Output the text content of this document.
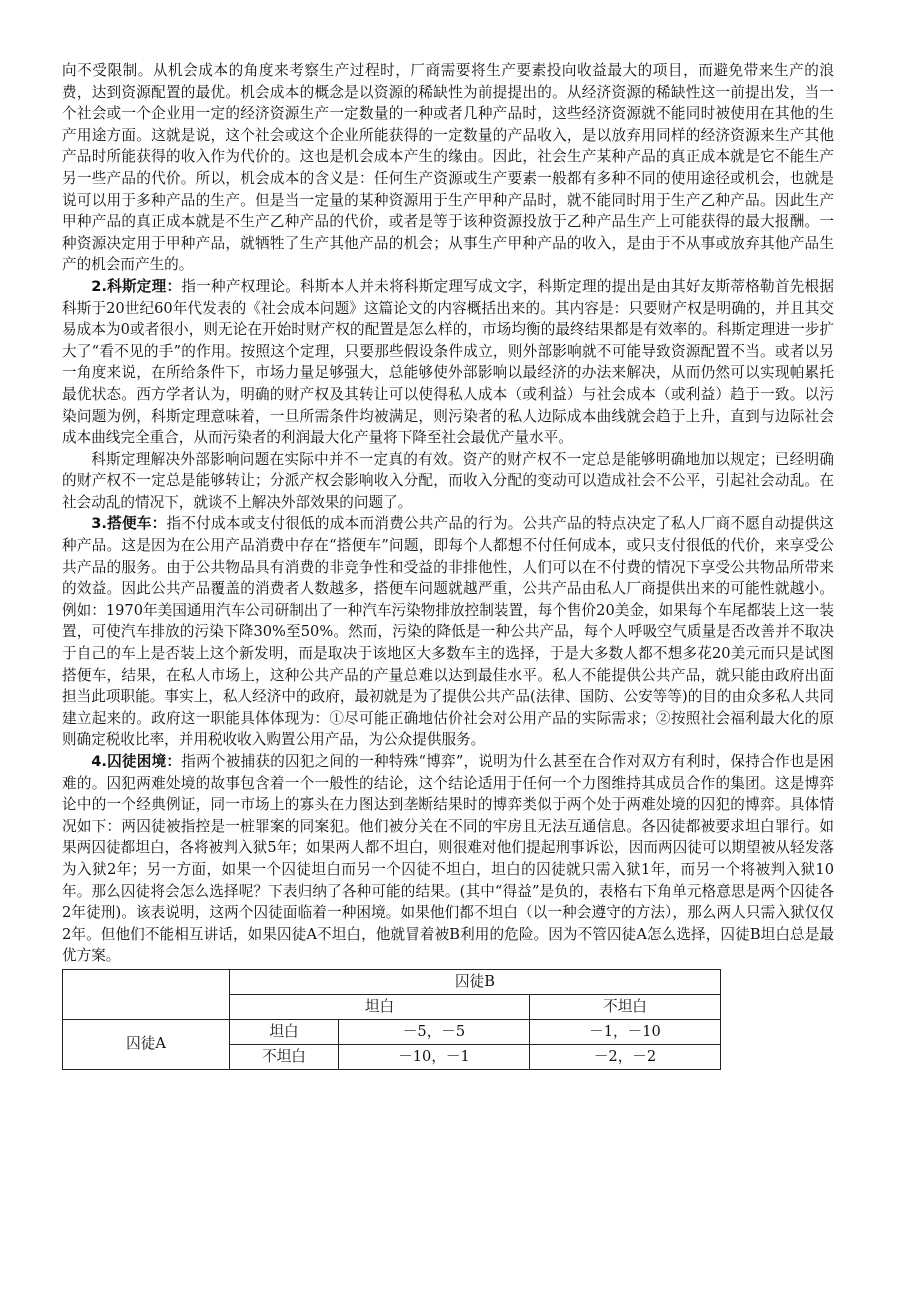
向不受限制。从机会成本的角度来考察生产过程时，厂商需要将生产要素投向收益最大的项目，而避免带来生产的浪费，达到资源配置的最优。机会成本的概念是以资源的稀缺性为前提提出的。从经济资源的稀缺性这一前提出发，当一个社会或一个企业用一定的经济资源生产一定数量的一种或者几种产品时，这些经济资源就不能同时被使用在其他的生产用途方面。这就是说，这个社会或这个企业所能获得的一定数量的产品收入，是以放弃用同样的经济资源来生产其他产品时所能获得的收入作为代价的。这也是机会成本产生的缘由。因此，社会生产某种产品的真正成本就是它不能生产另一些产品的代价。所以，机会成本的含义是：任何生产资源或生产要素一般都有多种不同的使用途径或机会，也就是说可以用于多种产品的生产。但是当一定量的某种资源用于生产甲种产品时，就不能同时用于生产乙种产品。因此生产甲种产品的真正成本就是不生产乙种产品的代价，或者是等于该种资源投放于乙种产品生产上可能获得的最大报酬。一种资源决定用于甲种产品，就牺牲了生产其他产品的机会；从事生产甲种产品的收入，是由于不从事或放弃其他产品生产的机会而产生的。

2.科斯定理：指一种产权理论。科斯本人并未将科斯定理写成文字，科斯定理的提出是由其好友斯蒂格勒首先根据科斯于20世纪60年代发表的《社会成本问题》这篇论文的内容概括出来的。其内容是：只要财产权是明确的，并且其交易成本为0或者很小，则无论在开始时财产权的配置是怎么样的，市场均衡的最终结果都是有效率的。科斯定理进一步扩大了“看不见的手”的作用。按照这个定理，只要那些假设条件成立，则外部影响就不可能导致资源配置不当。或者以另一角度来说，在所给条件下，市场力量足够强大，总能够使外部影响以最经济的办法来解决，从而仍然可以实现帕累托最优状态。西方学者认为，明确的财产权及其转让可以使得私人成本（或利益）与社会成本（或利益）趋于一致。以污染问题为例，科斯定理意味着，一旦所需条件均被满足，则污染者的私人边际成本曲线就会趋于上升，直到与边际社会成本曲线完全重合，从而污染者的利润最大化产量将下降至社会最优产量水平。

科斯定理解决外部影响问题在实际中并不一定真的有效。资产的财产权不一定总是能够明确地加以规定；已经明确的财产权不一定总是能够转让；分派产权会影响收入分配，而收入分配的变动可以造成社会不公平，引起社会动乱。在社会动乱的情况下，就谈不上解决外部效果的问题了。

3.搭便车：指不付成本或支付很低的成本而消费公共产品的行为。公共产品的特点决定了私人厂商不愿自动提供这种产品。这是因为在公用产品消费中存在“搭便车”问题，即每个人都想不付任何成本，或只支付很低的代价，来享受公共产品的服务。由于公共物品具有消费的非竞争性和受益的非排他性，人们可以在不付费的情况下享受公共物品所带来的效益。因此公共产品覆盖的消费者人数越多，搭便车问题就越严重，公共产品由私人厂商提供出来的可能性就越小。例如：1970年美国通用汽车公司研制出了一种汽车污染物排放控制装置，每个售价20美金，如果每个车尾都装上这一装置，可使汽车排放的污染下降30%至50%。然而，污染的降低是一种公共产品，每个人呼吸空气质量是否改善并不取决于自己的车上是否装上这个新发明，而是取决于该地区大多数车主的选择，于是大多数人都不想多花20美元而只是试图搭便车，结果，在私人市场上，这种公共产品的产量总难以达到最佳水平。私人不能提供公共产品，就只能由政府出面担当此项职能。事实上，私人经济中的政府，最初就是为了提供公共产品(法律、国防、公安等等)的目的由众多私人共同建立起来的。政府这一职能具体体现为：①尽可能正确地估价社会对公用产品的实际需求；②按照社会福利最大化的原则确定税收比率，并用税收收入购置公用产品，为公众提供服务。

4.囚徒困境：指两个被捕获的囚犯之间的一种特殊“博弈”，说明为什么甚至在合作对双方有利时，保持合作也是困难的。囚犯两难处境的故事包含着一个一般性的结论，这个结论适用于任何一个力图维持其成员合作的集团。这是博弈论中的一个经典例证，同一市场上的寡头在力图达到垄断结果时的博弈类似于两个处于两难处境的囚犯的博弈。具体情况如下：两囚徒被指控是一桩罪案的同案犯。他们被分关在不同的牢房且无法互通信息。各囚徒都被要求坦白罪行。如果两囚徒都坦白，各将被判入狱5年；如果两人都不坦白，则很难对他们提起刑事诉讼，因而两囚徒可以期望被从轻发落为入狱2年；另一方面，如果一个囚徒坦白而另一个囚徒不坦白，坦白的囚徒就只需入狱1年，而另一个将被判入狱10年。那么囚徒将会怎么选择呢？下表归纳了各种可能的结果。(其中“得益”是负的，表格右下角单元格意思是两个囚徒各2年徒刑)。该表说明，这两个囚徒面临着一种困境。如果他们都不坦白（以一种会遵守的方法），那么两人只需入狱仅仅2年。但他们不能相互讲话，如果囚徒A不坦白，他就冒着被B利用的危险。因为不管囚徒A怎么选择，囚徒B坦白总是最优方案。

	囚徒B		
	坦白		不坦白
囚徒A	坦白	－5，－5	－1，－10
	不坦白	－10，－1	－2，－2
